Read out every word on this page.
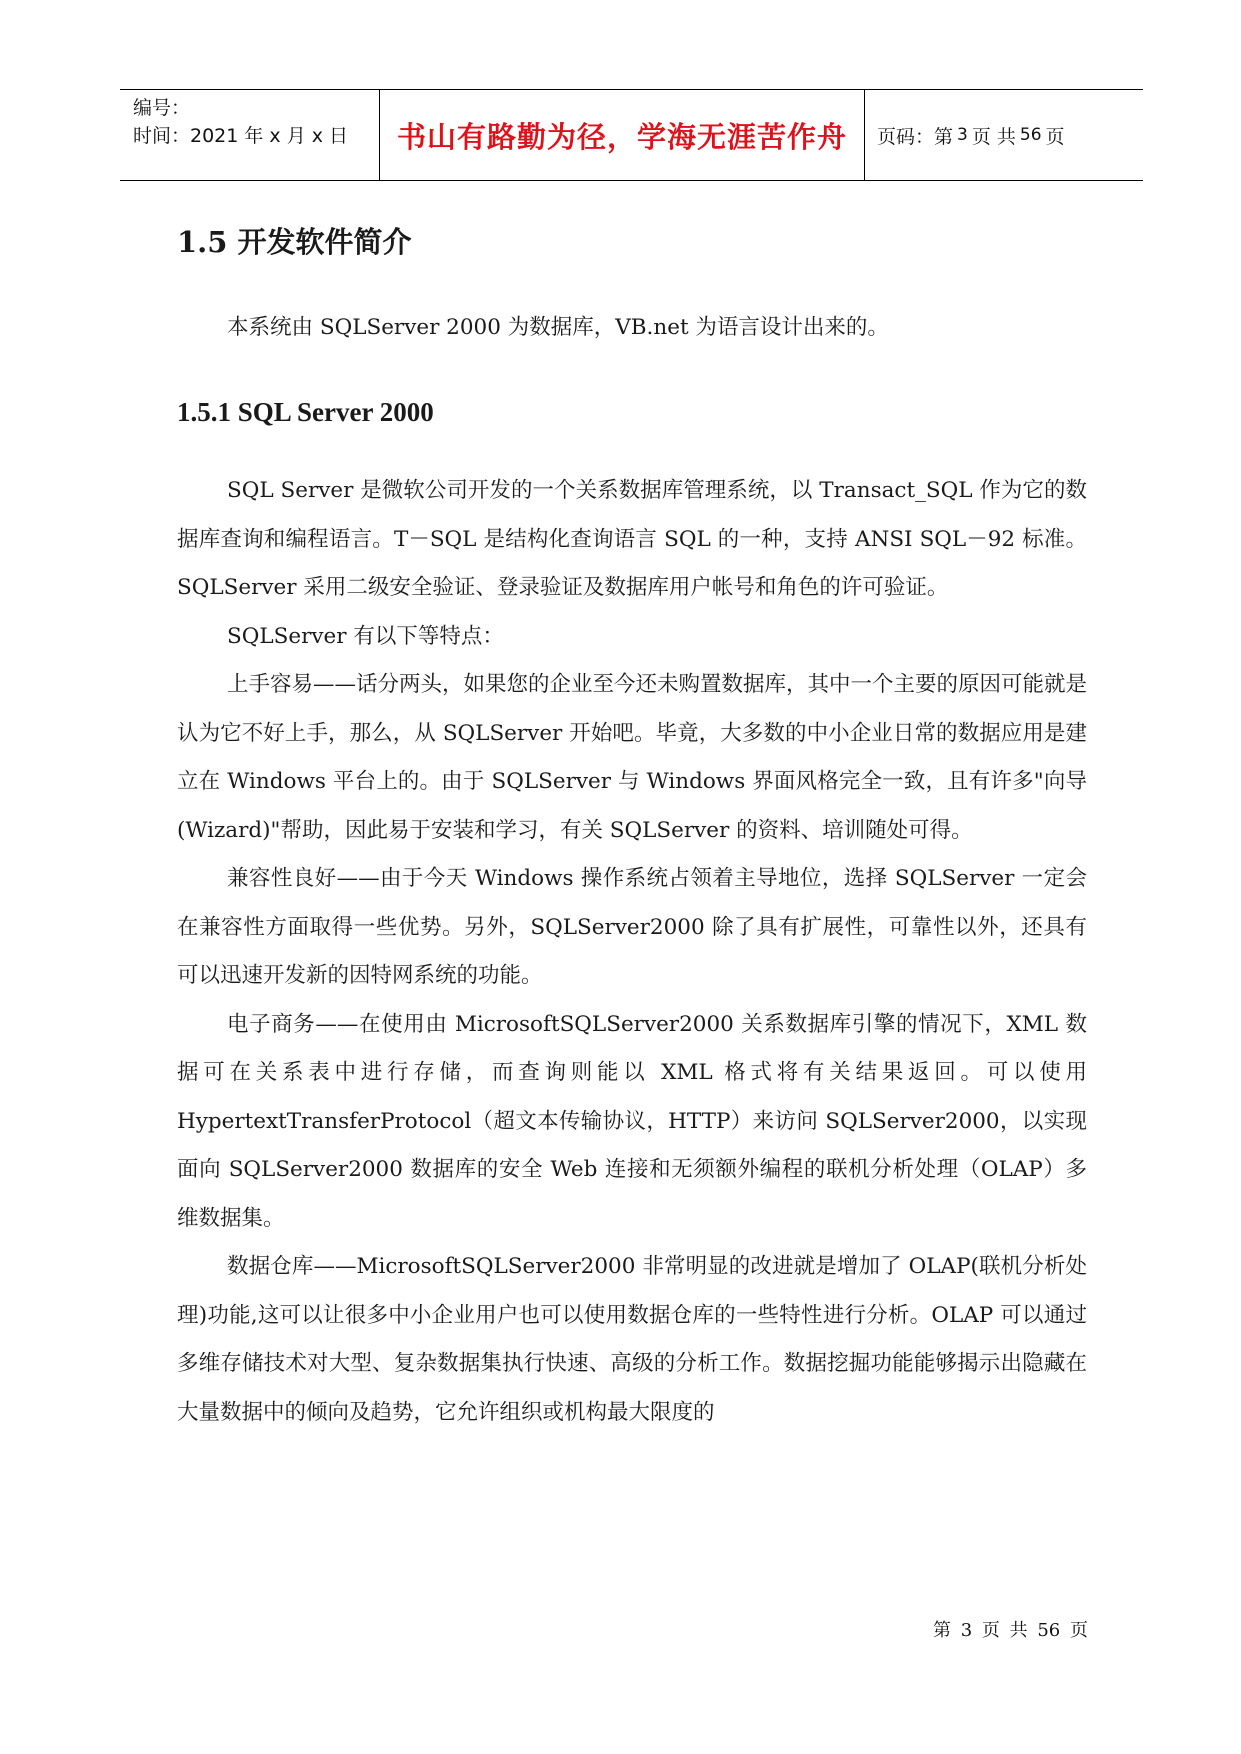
编号：
时间：2021 年 x 月 x 日	书山有路勤为径，学海无涯苦作舟	页码：第 3 页 共 56 页
1.5 开发软件简介

本系统由 SQLServer 2000 为数据库，VB.net 为语言设计出来的。

1.5.1 SQL Server 2000

SQL Server 是微软公司开发的一个关系数据库管理系统，以 Transact_SQL 作为它的数据库查询和编程语言。T－SQL 是结构化查询语言 SQL 的一种，支持 ANSI SQL－92 标准。SQLServer 采用二级安全验证、登录验证及数据库用户帐号和角色的许可验证。

SQLServer 有以下等特点：

上手容易——话分两头，如果您的企业至今还未购置数据库，其中一个主要的原因可能就是认为它不好上手，那么，从 SQLServer 开始吧。毕竟，大多数的中小企业日常的数据应用是建立在 Windows 平台上的。由于 SQLServer 与 Windows 界面风格完全一致，且有许多"向导(Wizard)"帮助，因此易于安装和学习，有关 SQLServer 的资料、培训随处可得。

兼容性良好——由于今天 Windows 操作系统占领着主导地位，选择 SQLServer 一定会在兼容性方面取得一些优势。另外，SQLServer2000 除了具有扩展性，可靠性以外，还具有可以迅速开发新的因特网系统的功能。

电子商务——在使用由 MicrosoftSQLServer2000 关系数据库引擎的情况下，XML 数据可在关系表中进行存储，而查询则能以 XML 格式将有关结果返回。可以使用 HypertextTransferProtocol（超文本传输协议，HTTP）来访问 SQLServer2000，以实现面向 SQLServer2000 数据库的安全 Web 连接和无须额外编程的联机分析处理（OLAP）多维数据集。

数据仓库——MicrosoftSQLServer2000 非常明显的改进就是增加了 OLAP(联机分析处理)功能,这可以让很多中小企业用户也可以使用数据仓库的一些特性进行分析。OLAP 可以通过多维存储技术对大型、复杂数据集执行快速、高级的分析工作。数据挖掘功能能够揭示出隐藏在大量数据中的倾向及趋势，它允许组织或机构最大限度的

第 3 页 共 56 页
